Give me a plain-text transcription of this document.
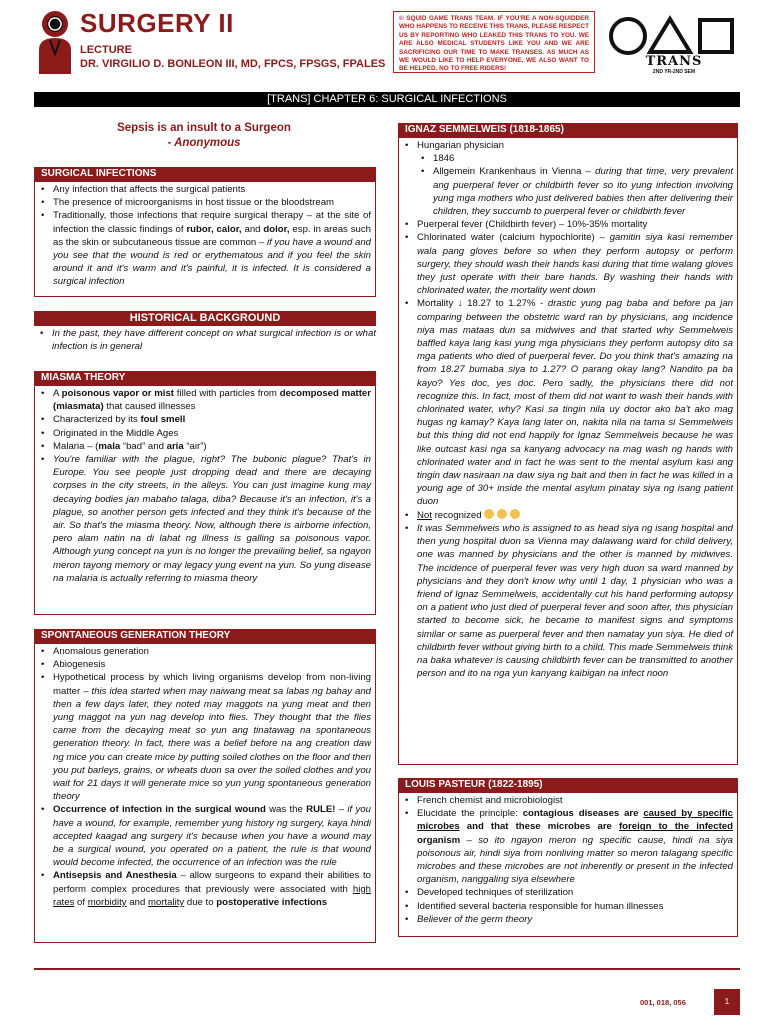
SURGERY II
LECTURE
DR. VIRGILIO D. BONLEON III, MD, FPCS, FPSGS, FPALES
© SQUID GAME TRANS TEAM. IF YOU'RE A NON-SQUIDDER WHO HAPPENS TO RECEIVE THIS TRANS, PLEASE RESPECT US BY REPORTING WHO LEAKED THIS TRANS TO YOU. WE ARE ALSO MEDICAL STUDENTS LIKE YOU AND WE ARE SACRIFICING OUR TIME TO MAKE TRANSES. AS MUCH AS WE WOULD LIKE TO HELP EVERYONE, WE ALSO WANT TO BE HELPED. NO TO FREE RIDERS!	TRANS
2ND YR-2ND SEM
[TRANS] CHAPTER 6: SURGICAL INFECTIONS
Sepsis is an insult to a Surgeon
- Anonymous
SURGICAL INFECTIONS
• Any infection that affects the surgical patients
• The presence of microorganisms in host tissue or the bloodstream
• Traditionally, those infections that require surgical therapy – at the site of infection the classic findings of rubor, calor, and dolor, esp. in areas such as the skin or subcutaneous tissue are common – if you have a wound and you see that the wound is red or erythematous and if you feel the skin around it and it's warm and it's painful, it is infected. It is considered a surgical infection
HISTORICAL BACKGROUND
• In the past, they have different concept on what surgical infection is or what infection is in general
MIASMA THEORY
• A poisonous vapor or mist filled with particles from decomposed matter (miasmata) that caused illnesses
• Characterized by its foul smell
• Originated in the Middle Ages
• Malaria – (mala “bad” and aria “air”)
• You're familiar with the plague, right? The bubonic plague? That's in Europe. You see people just dropping dead and there are decaying corpses in the city streets, in the alleys. You can just imagine kung may decaying bodies jan mabaho talaga, diba? Because it's an infection, it's a plague, so another person gets infected and they think it's because of the air. So that's the miasma theory. Now, although there is airborne infection, pero alam natin na di lahat ng illness is galling sa poisonous vapor. Although yung concept na yun is no longer the prevailing belief, sa ngayon meron tayong memory or may legacy yung event na yun. So yung disease na malaria is actually referring to miasma theory
SPONTANEOUS GENERATION THEORY
• Anomalous generation
• Abiogenesis
• Hypothetical process by which living organisms develop from non-living matter – this idea started when may naiwang meat sa labas ng bahay and then a few days later, they noted may maggots na yung meat and then yung maggot na yun nag develop into flies. They thought that the flies came from the decaying meat so yun ang tinatawag na spontaneous generation theory. In fact, there was a belief before na ang creation daw ng mice you can create mice by putting soiled clothes on the floor and then you put barleys, grains, or wheats duon sa over the soiled clothes and you wait for 21 days it will generate mice so yun yung spontaneous generation theory
• Occurrence of infection in the surgical wound was the RULE! – if you have a wound, for example, remember yung history ng surgery, kaya hindi accepted kaagad ang surgery it's because when you have a wound may be a surgical wound, you operated on a patient, the rule is that wound would become infected, the occurrence of an infection was the rule
• Antisepsis and Anesthesia – allow surgeons to expand their abilities to perform complex procedures that previously were associated with high rates of morbidity and mortality due to postoperative infections
IGNAZ SEMMELWEIS (1818-1865)
• Hungarian physician
• 1846
• Allgemein Krankenhaus in Vienna – during that time, very prevalent ang puerperal fever or childbirth fever so ito yung infection involving yung mga mothers who just delivered babies then after delivering their children, they succumb to puerperal fever or childbirth fever
• Puerperal fever (Childbirth fever) – 10%-35% mortality
• Chlorinated water (calcium hypochlorite) – gamitin siya kasi remember wala pang gloves before so when they perform autopsy or perform surgery, they should wash their hands kasi during that time walang gloves they just operate with their bare hands. By washing their hands with chlorinated water, the mortality went down
• Mortality ↓ 18.27 to 1.27% - drastic yung pag baba and before pa jan comparing between the obstetric ward ran by physicians, ang incidence niya mas mataas dun sa midwives and that started why Semmelweis baffled kaya lang kasi yung mga physicians they perform autopsy dito sa mga patients who died of puerperal fever. Do you think that's amazing na from 18.27 bumaba siya to 1.27? O parang okay lang? Nandito pa ba kayo? Yes doc, yes doc. Pero sadly, the physicians there did not recognize this. In fact, most of them did not want to wash their hands with chlorinated water, why? Kasi sa tingin nila uy doctor ako ba't ako mag hugas ng kamay? Kaya lang later on, nakita nila na tama si Semmelweis but this thing did not end happily for Ignaz Semmelweis because he was like outcast kasi nga sa kanyang advocacy na mag wash ng hands with chlorinated water and in fact he was sent to the mental asylum kasi ang tingin daw nasiraan na daw siya ng bait and then in fact he was killed in a young age of 30+ inside the mental asylum pinatay siya ng isang patient duon
• Not recognized
• It was Semmelweis who is assigned to as head siya ng isang hospital and then yung hospital duon sa Vienna may dalawang ward for child delivery, one was manned by physicians and the other is manned by midwives. The incidence of puerperal fever was very high duon sa ward manned by physicians and they don't know why until 1 day, 1 physician who was a friend of Ignaz Semmelweis, accidentally cut his hand performing autopsy on a patient who just died of puerperal fever and soon after, this physician started to become sick, he became to manifest signs and symptoms similar or same as puerperal fever and then namatay yun siya. He died of childbirth fever without giving birth to a child. This made Semmelweis think na baka whatever is causing childbirth fever can be transmitted to another person and ito na nga yun kanyang kaibigan na infect noon
LOUIS PASTEUR (1822-1895)
• French chemist and microbiologist
• Elucidate the principle: contagious diseases are caused by specific microbes and that these microbes are foreign to the infected organism – so ito ngayon meron ng specific cause, hindi na siya poisonous air, hindi siya from nonliving matter so meron talagang specific microbes and these microbes are not inherently or present in the infected organism, nanggaling siya elsewhere
• Developed techniques of sterilization
• Identified several bacteria responsible for human illnesses
• Believer of the germ theory
001, 018, 056	1
